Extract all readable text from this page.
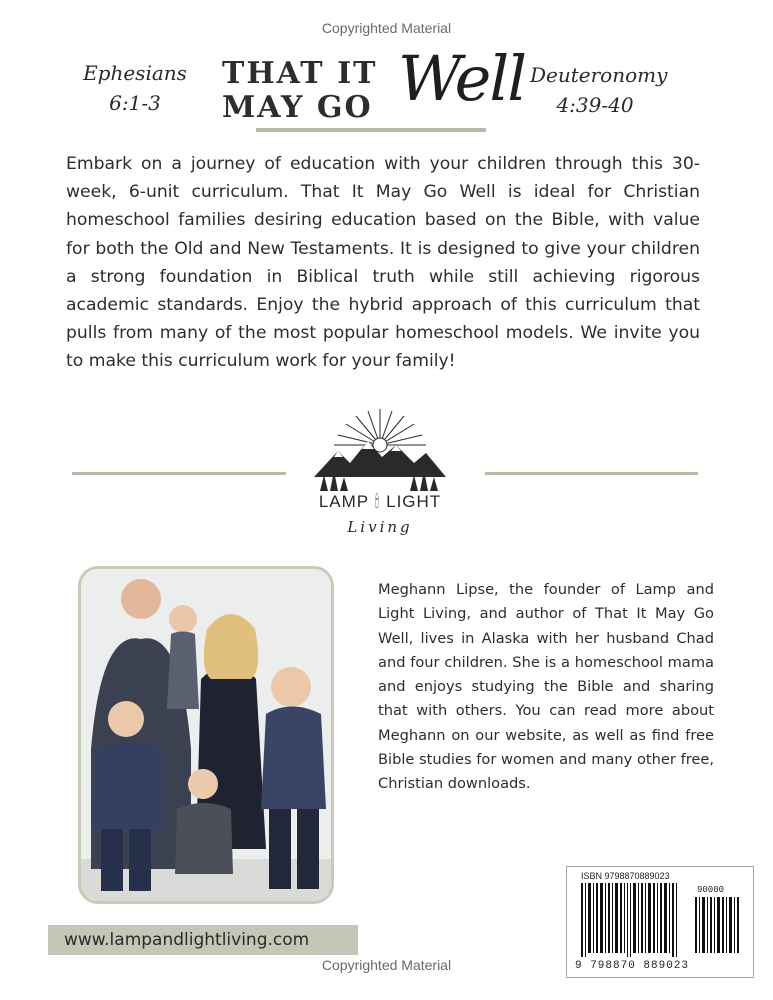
Copyrighted Material
Ephesians
6:1-3
THAT IT
MAY GO Well Deuteronomy
4:39-40
Embark on a journey of education with your children through this 30-week, 6-unit curriculum. That It May Go Well is ideal for Christian homeschool families desiring education based on the Bible, with value for both the Old and New Testaments. It is designed to give your children a strong foundation in Biblical truth while still achieving rigorous academic standards. Enjoy the hybrid approach of this curriculum that pulls from many of the most popular homeschool models. We invite you to make this curriculum work for your family!
LAMP 🕯 LIGHT
Living
Meghann Lipse, the founder of Lamp and Light Living, and author of That It May Go Well, lives in Alaska with her husband Chad and four children. She is a homeschool mama and enjoys studying the Bible and sharing that with others. You can read more about Meghann on our website, as well as find free Bible studies for women and many other free, Christian downloads.
www.lampandlightliving.com
ISBN 9798870889023
90000
9 798870 889023
Copyrighted Material
